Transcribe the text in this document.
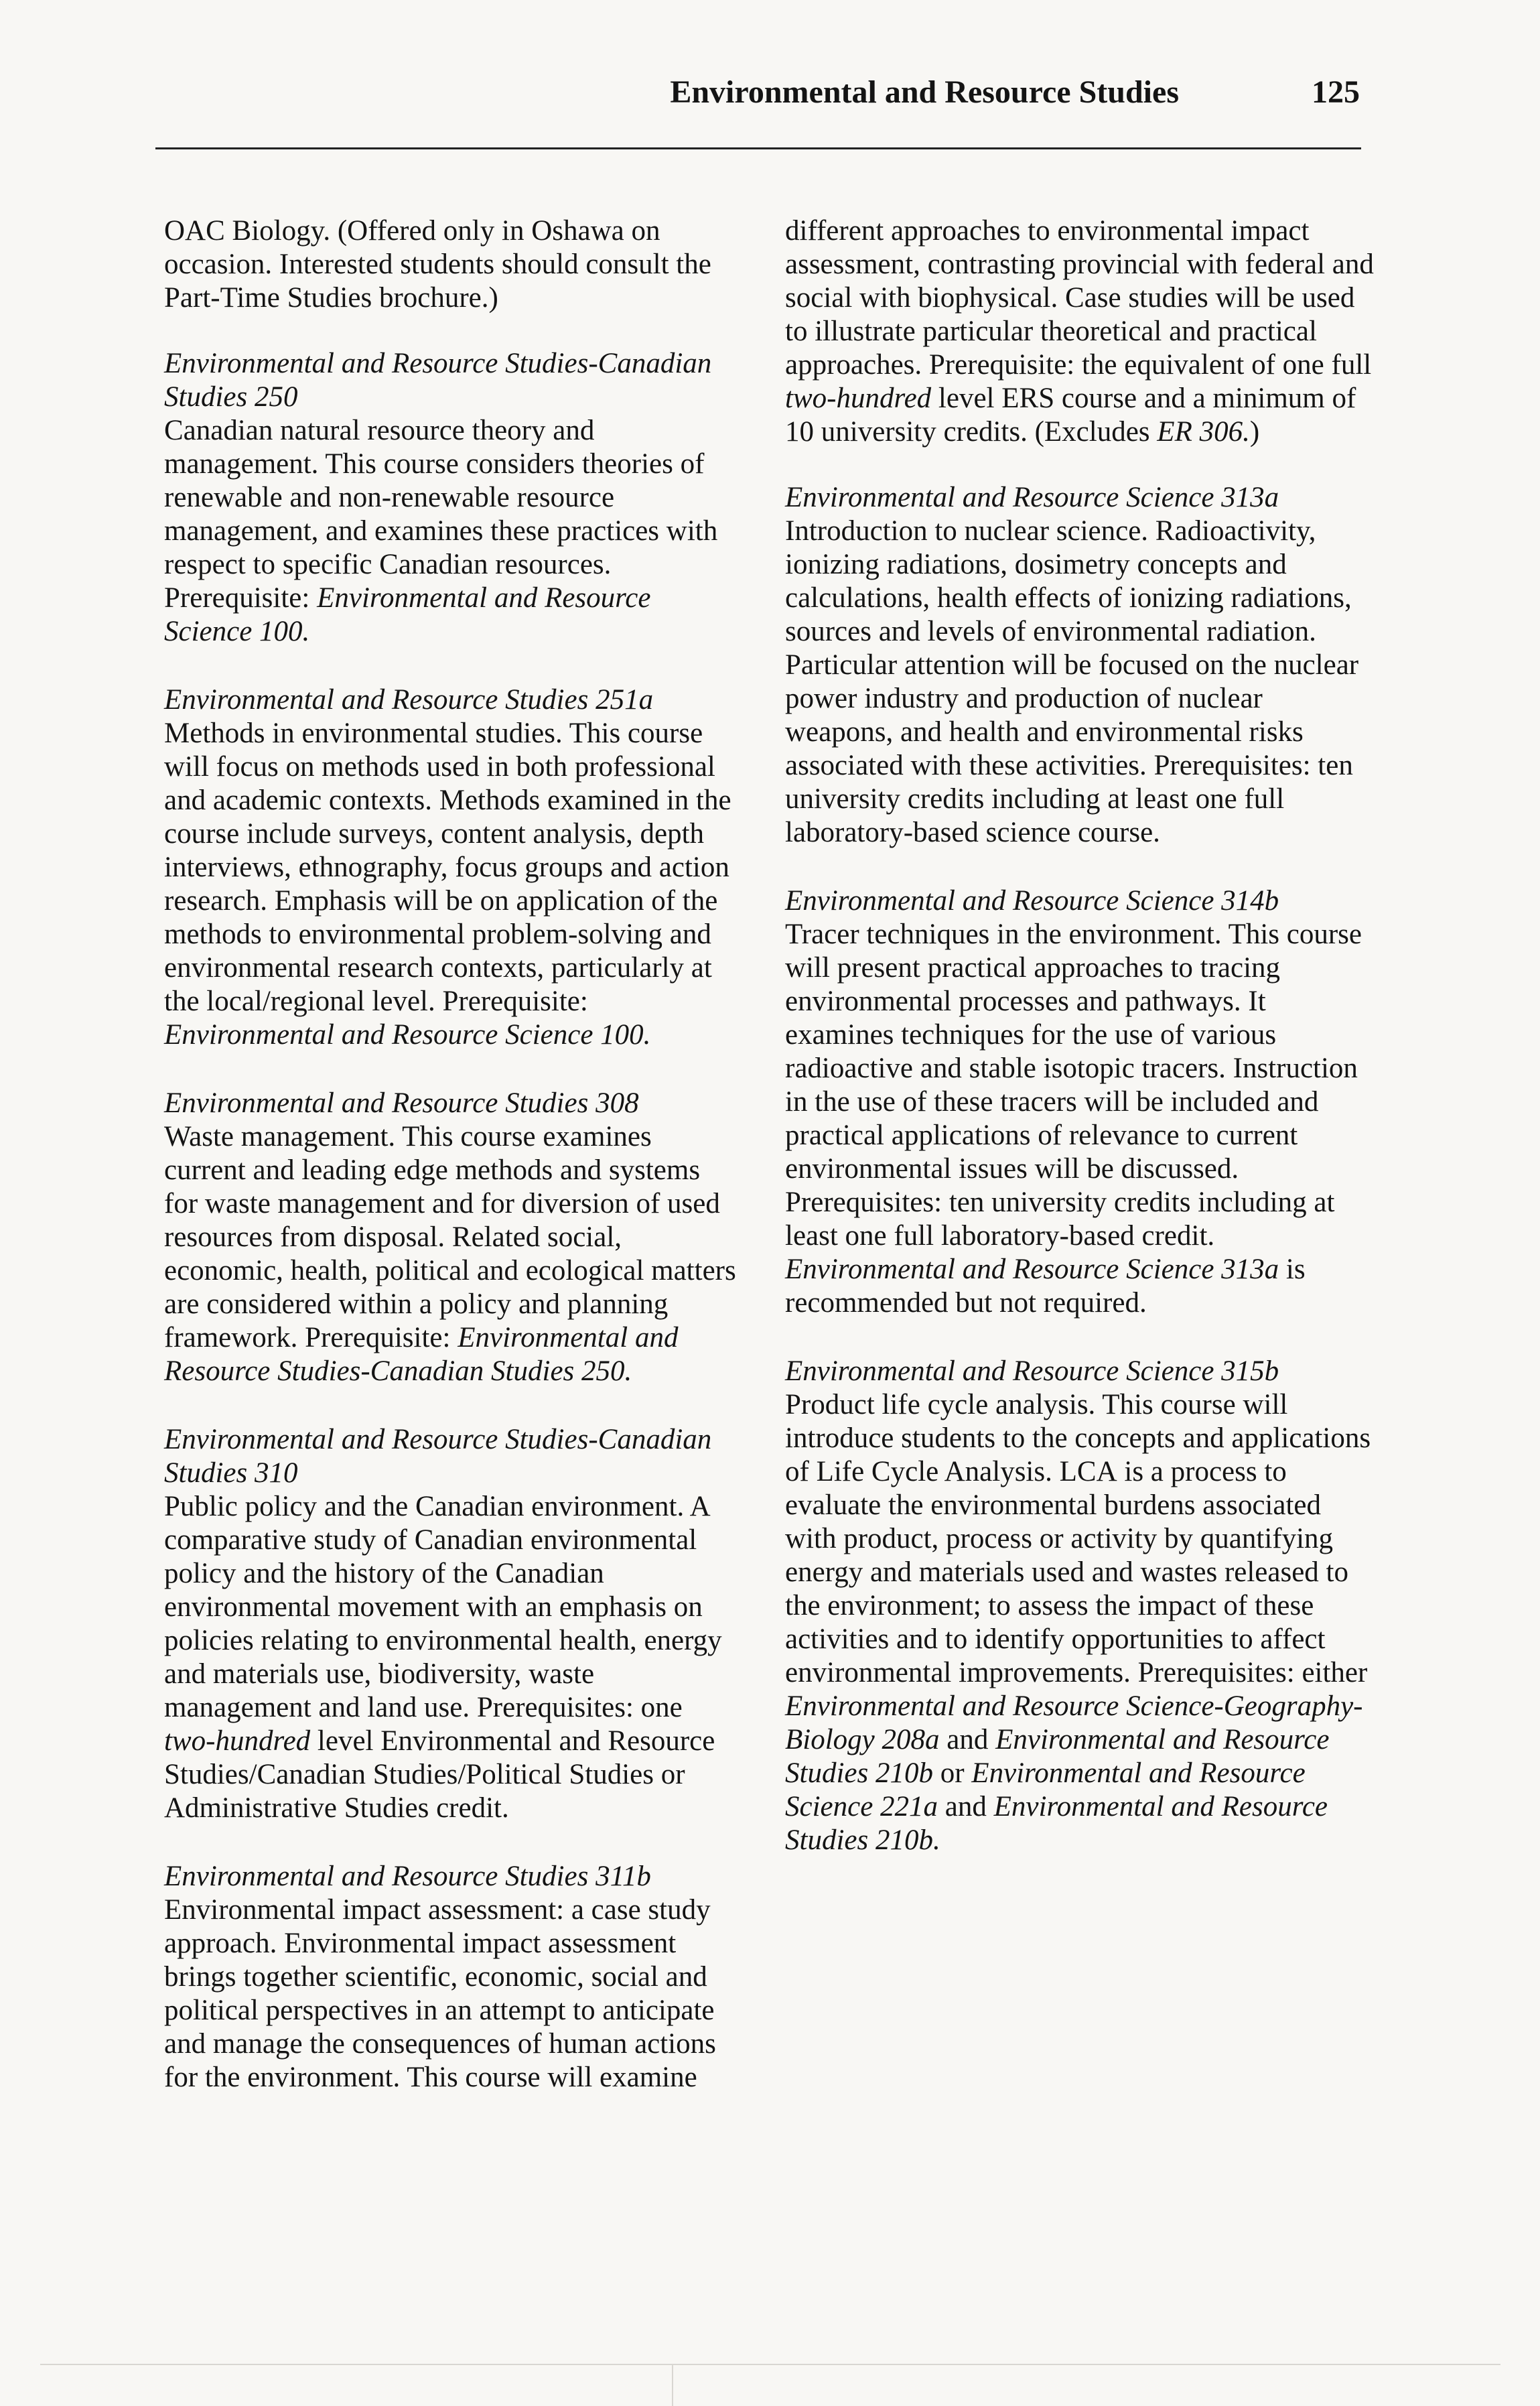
Environmental and Resource Studies	125

OAC Biology. (Offered only in Oshawa on occasion. Interested students should consult the Part-Time Studies brochure.)

Environmental and Resource Studies-Canadian Studies 250
Canadian natural resource theory and management. This course considers theories of renewable and non-renewable resource management, and examines these practices with respect to specific Canadian resources. Prerequisite: Environmental and Resource Science 100.
Environmental and Resource Studies 251a
Methods in environmental studies. This course will focus on methods used in both professional and academic contexts. Methods examined in the course include surveys, content analysis, depth interviews, ethnography, focus groups and action research. Emphasis will be on application of the methods to environmental problem-solving and environmental research contexts, particularly at the local/regional level. Prerequisite: Environmental and Resource Science 100.
Environmental and Resource Studies 308
Waste management. This course examines current and leading edge methods and systems for waste management and for diversion of used resources from disposal. Related social, economic, health, political and ecological matters are considered within a policy and planning framework. Prerequisite: Environmental and Resource Studies-Canadian Studies 250.
Environmental and Resource Studies-Canadian Studies 310
Public policy and the Canadian environment. A comparative study of Canadian environmental policy and the history of the Canadian environmental movement with an emphasis on policies relating to environmental health, energy and materials use, biodiversity, waste management and land use. Prerequisites: one two-hundred level Environmental and Resource Studies/Canadian Studies/Political Studies or Administrative Studies credit.
Environmental and Resource Studies 311b
Environmental impact assessment: a case study approach. Environmental impact assessment brings together scientific, economic, social and political perspectives in an attempt to anticipate and manage the consequences of human actions for the environment. This course will examine

different approaches to environmental impact assessment, contrasting provincial with federal and social with biophysical. Case studies will be used to illustrate particular theoretical and practical approaches. Prerequisite: the equivalent of one full two-hundred level ERS course and a minimum of 10 university credits. (Excludes ER 306.)

Environmental and Resource Science 313a
Introduction to nuclear science. Radioactivity, ionizing radiations, dosimetry concepts and calculations, health effects of ionizing radiations, sources and levels of environmental radiation. Particular attention will be focused on the nuclear power industry and production of nuclear weapons, and health and environmental risks associated with these activities. Prerequisites: ten university credits including at least one full laboratory-based science course.
Environmental and Resource Science 314b
Tracer techniques in the environment. This course will present practical approaches to tracing environmental processes and pathways. It examines techniques for the use of various radioactive and stable isotopic tracers. Instruction in the use of these tracers will be included and practical applications of relevance to current environmental issues will be discussed. Prerequisites: ten university credits including at least one full laboratory-based credit. Environmental and Resource Science 313a is recommended but not required.
Environmental and Resource Science 315b
Product life cycle analysis. This course will introduce students to the concepts and applications of Life Cycle Analysis. LCA is a process to evaluate the environmental burdens associated with product, process or activity by quantifying energy and materials used and wastes released to the environment; to assess the impact of these activities and to identify opportunities to affect environmental improvements. Prerequisites: either Environmental and Resource Science-Geography-Biology 208a and Environmental and Resource Studies 210b or Environmental and Resource Science 221a and Environmental and Resource Studies 210b.
